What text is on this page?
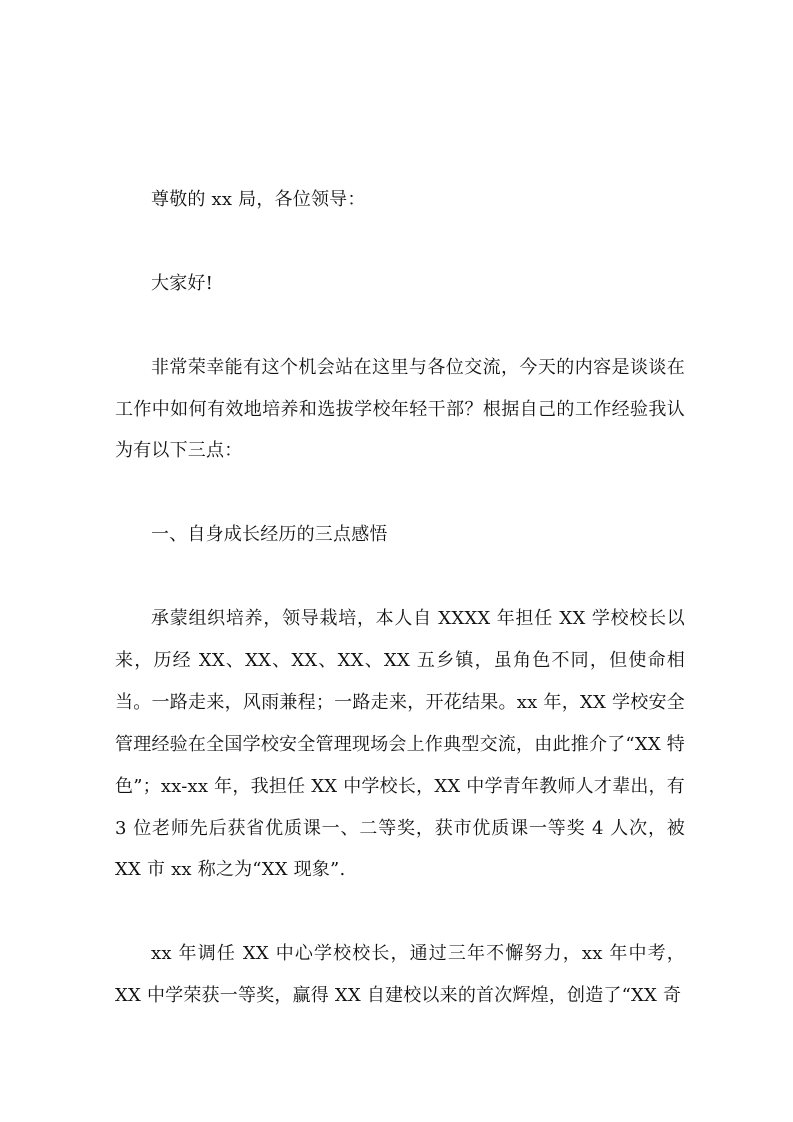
尊敬的 xx 局，各位领导：

大家好!

非常荣幸能有这个机会站在这里与各位交流，今天的内容是谈谈在工作中如何有效地培养和选拔学校年轻干部？根据自己的工作经验我认为有以下三点：

一、自身成长经历的三点感悟

承蒙组织培养，领导栽培，本人自 XXXX 年担任 XX 学校校长以来，历经 XX、XX、XX、XX、XX 五乡镇，虽角色不同，但使命相当。一路走来，风雨兼程；一路走来，开花结果。xx 年，XX 学校安全管理经验在全国学校安全管理现场会上作典型交流，由此推介了“XX 特色”；xx-xx 年，我担任 XX 中学校长，XX 中学青年教师人才辈出，有 3 位老师先后获省优质课一、二等奖，获市优质课一等奖 4 人次，被 XX 市 xx 称之为“XX 现象”.

xx 年调任 XX 中心学校校长，通过三年不懈努力，xx 年中考，XX 中学荣获一等奖，赢得 XX 自建校以来的首次辉煌，创造了“XX 奇
